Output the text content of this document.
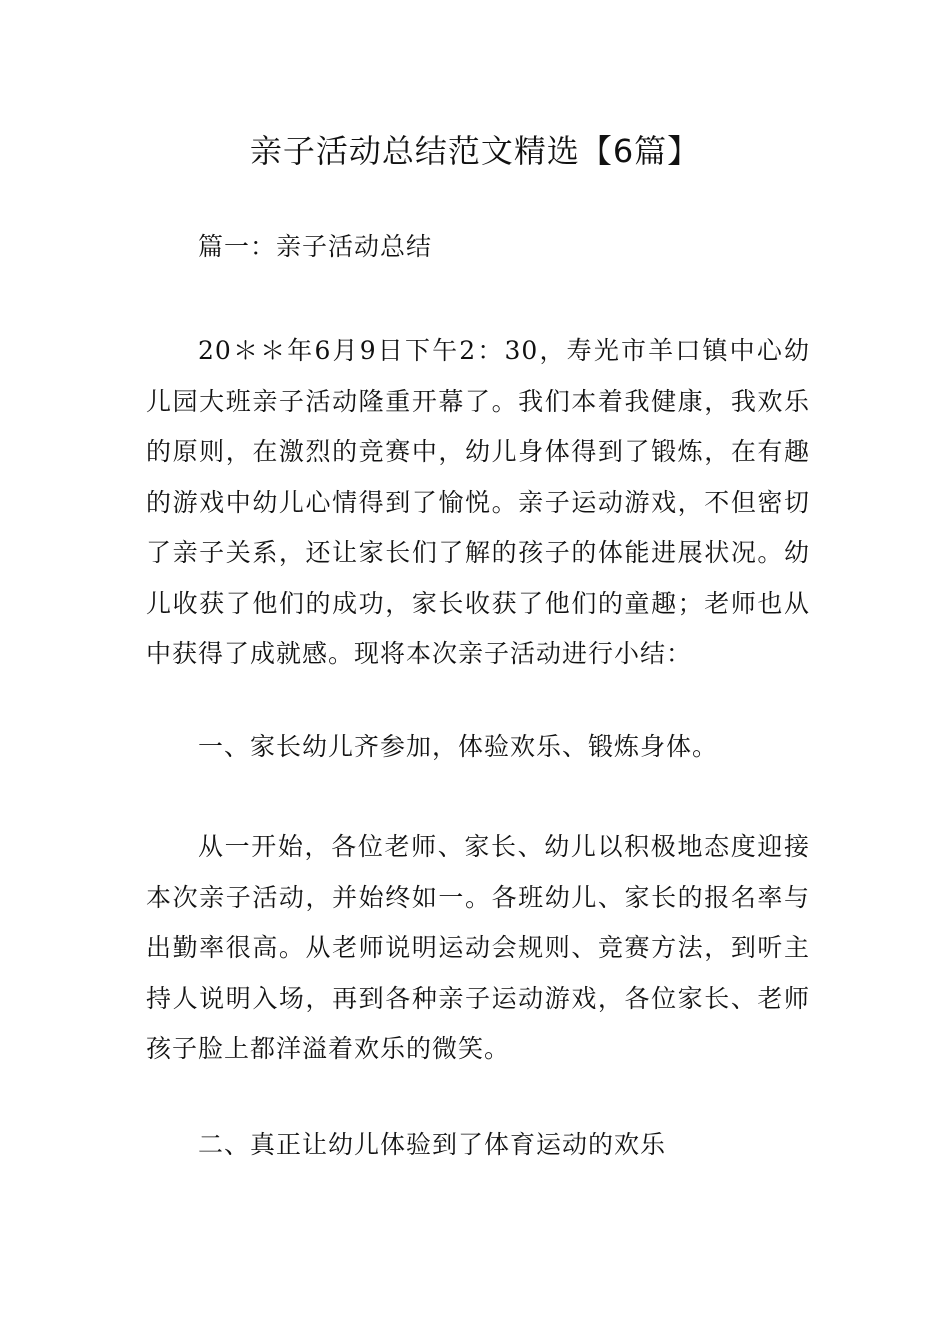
亲子活动总结范文精选【6篇】

篇一：亲子活动总结

20＊＊年6月9日下午2：30，寿光市羊口镇中心幼儿园大班亲子活动隆重开幕了。我们本着我健康，我欢乐的原则，在激烈的竞赛中，幼儿身体得到了锻炼，在有趣的游戏中幼儿心情得到了愉悦。亲子运动游戏，不但密切了亲子关系，还让家长们了解的孩子的体能进展状况。幼儿收获了他们的成功，家长收获了他们的童趣；老师也从中获得了成就感。现将本次亲子活动进行小结：

一、家长幼儿齐参加，体验欢乐、锻炼身体。

从一开始，各位老师、家长、幼儿以积极地态度迎接本次亲子活动，并始终如一。各班幼儿、家长的报名率与出勤率很高。从老师说明运动会规则、竞赛方法，到听主持人说明入场，再到各种亲子运动游戏，各位家长、老师孩子脸上都洋溢着欢乐的微笑。

二、真正让幼儿体验到了体育运动的欢乐
